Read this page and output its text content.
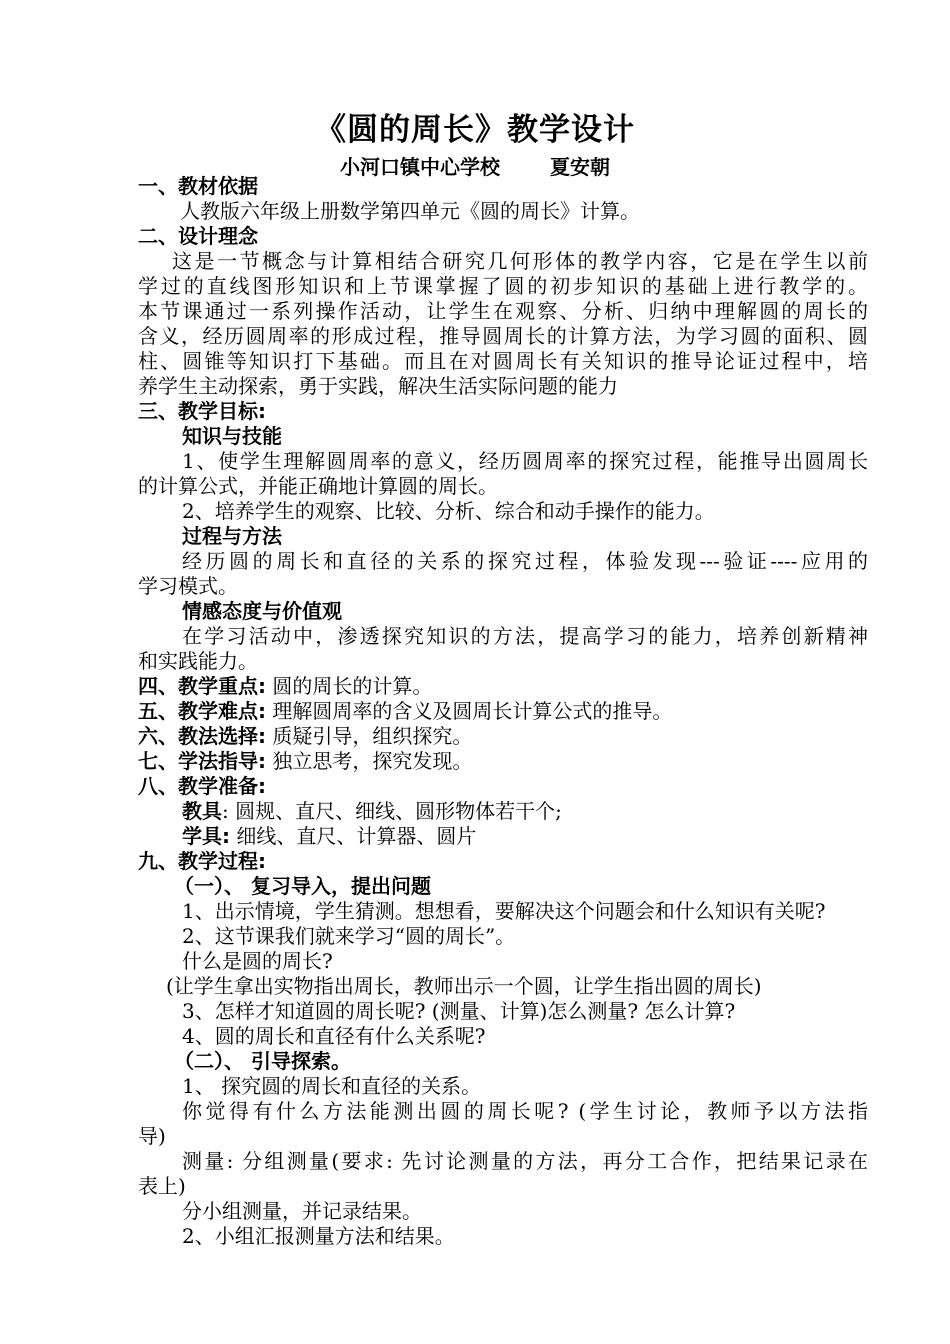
《圆的周长》教学设计
小河口镇中心学校	夏安朝
一、教材依据
人教版六年级上册数学第四单元《圆的周长》计算。
二、设计理念
这是一节概念与计算相结合研究几何形体的教学内容，它是在学生以前
学过的直线图形知识和上节课掌握了圆的初步知识的基础上进行教学的。
本节课通过一系列操作活动，让学生在观察、分析、归纳中理解圆的周长的
含义，经历圆周率的形成过程，推导圆周长的计算方法，为学习圆的面积、圆
柱、圆锥等知识打下基础。而且在对圆周长有关知识的推导论证过程中，培
养学生主动探索，勇于实践，解决生活实际问题的能力
三、教学目标:
知识与技能
1、使学生理解圆周率的意义，经历圆周率的探究过程，能推导出圆周长
的计算公式，并能正确地计算圆的周长。
2、培养学生的观察、比较、分析、综合和动手操作的能力。
过程与方法
经历圆的周长和直径的关系的探究过程，体验发现---验证----应用的
学习模式。
情感态度与价值观
在学习活动中，渗透探究知识的方法，提高学习的能力，培养创新精神
和实践能力。
四、教学重点: 圆的周长的计算。
五、教学难点: 理解圆周率的含义及圆周长计算公式的推导。
六、教法选择: 质疑引导，组织探究。
七、学法指导: 独立思考，探究发现。
八、教学准备:
教具: 圆规、直尺、细线、圆形物体若干个;
学具: 细线、直尺、计算器、圆片
九、教学过程:
（一）、 复习导入，提出问题
1、出示情境，学生猜测。想想看，要解决这个问题会和什么知识有关呢?
2、这节课我们就来学习“圆的周长”。
什么是圆的周长?
(让学生拿出实物指出周长，教师出示一个圆，让学生指出圆的周长)
3、怎样才知道圆的周长呢? (测量、计算)怎么测量? 怎么计算?
4、圆的周长和直径有什么关系呢?
（二）、 引导探索。
1、 探究圆的周长和直径的关系。
你觉得有什么方法能测出圆的周长呢? (学生讨论，教师予以方法指
导)
测量: 分组测量(要求: 先讨论测量的方法，再分工合作，把结果记录在
表上)
分小组测量，并记录结果。
2、小组汇报测量方法和结果。
